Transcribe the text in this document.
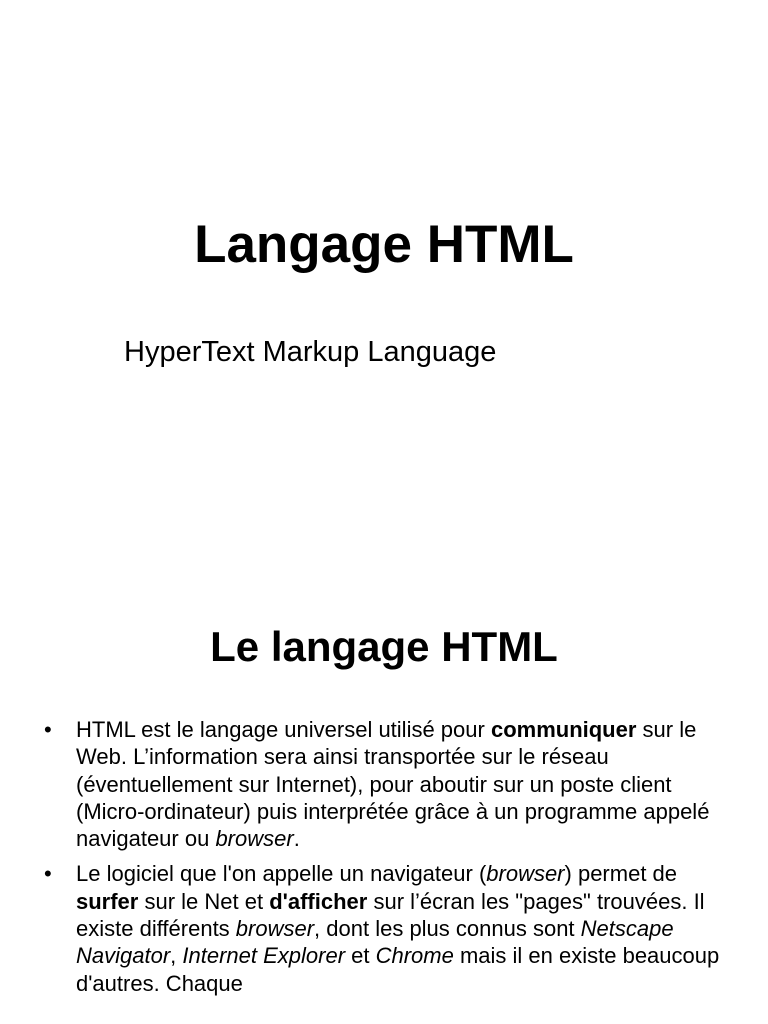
Langage HTML

HyperText Markup Language

Le langage HTML
• HTML est le langage universel utilisé pour communiquer sur le Web. L’information sera ainsi transportée sur le réseau (éventuellement sur Internet), pour aboutir sur un poste client (Micro-ordinateur) puis interprétée grâce à un programme appelé navigateur ou browser.
• Le logiciel que l'on appelle un navigateur (browser) permet de surfer sur le Net et d'afficher sur l’écran les "pages" trouvées. Il existe différents browser, dont les plus connus sont Netscape Navigator, Internet Explorer et Chrome mais il en existe beaucoup d'autres. Chaque
